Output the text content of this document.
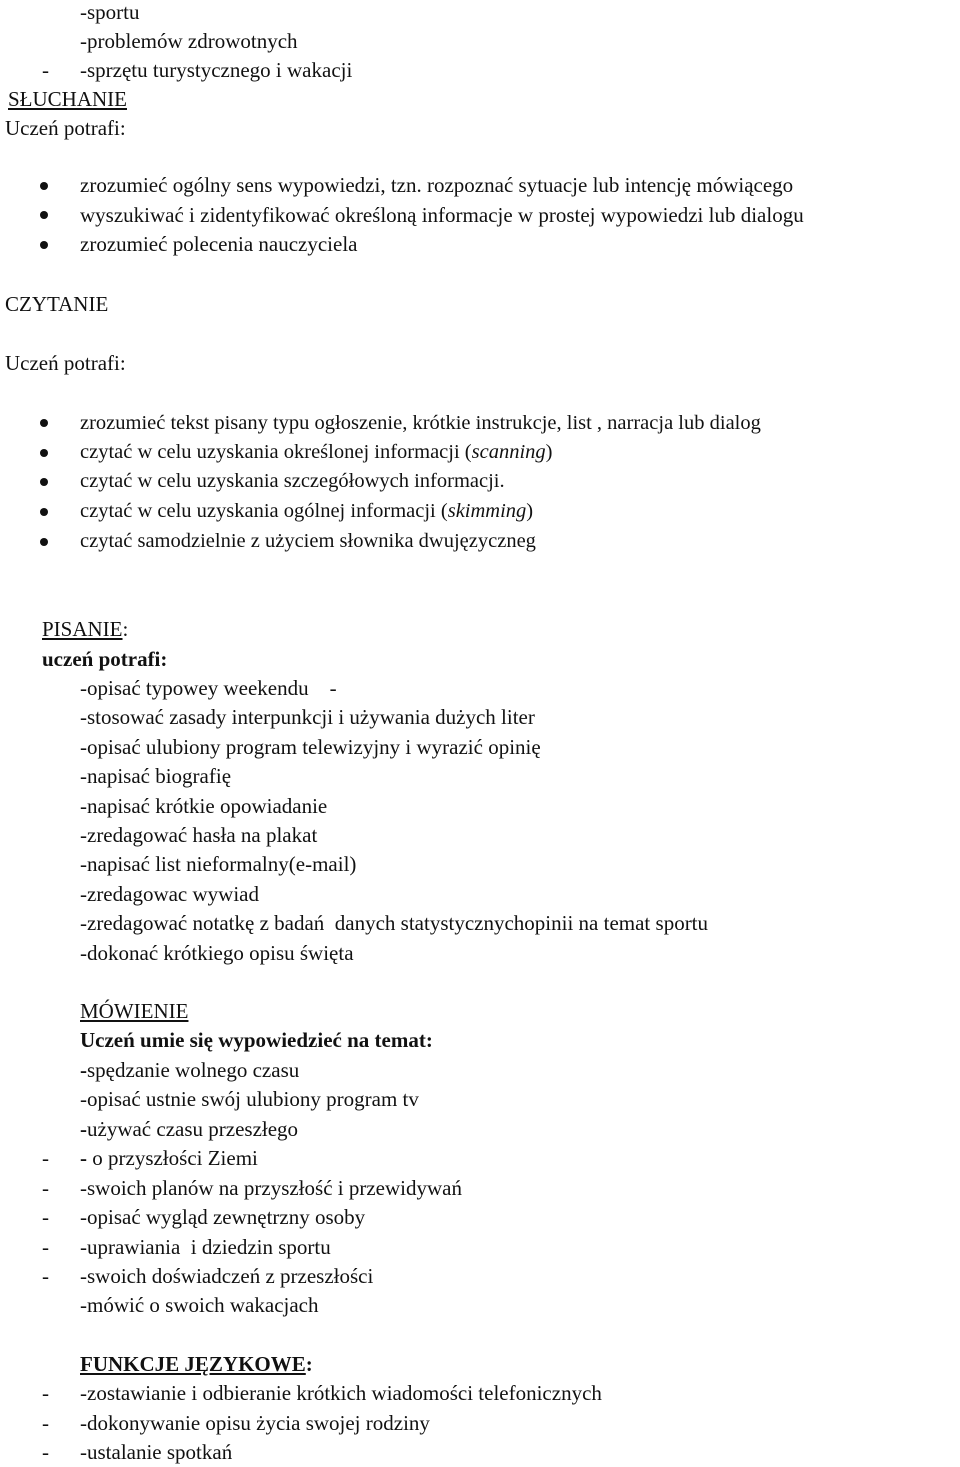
-sportu
-problemów zdrowotnych
- -sprzętu turystycznego i wakacji
SŁUCHANIE
Uczeń potrafi:
zrozumieć ogólny sens wypowiedzi, tzn. rozpoznać sytuacje lub intencję mówiącego
wyszukiwać i zidentyfikować określoną informacje w prostej wypowiedzi lub dialogu
zrozumieć polecenia nauczyciela
CZYTANIE
Uczeń potrafi:
zrozumieć tekst pisany typu ogłoszenie, krótkie instrukcje, list , narracja lub dialog
czytać w celu uzyskania określonej informacji (scanning)
czytać w celu uzyskania szczegółowych informacji.
czytać w celu uzyskania ogólnej informacji (skimming)
czytać samodzielnie z użyciem słownika dwujęzyczneg
PISANIE:
uczeń potrafi:
-opisać typowey weekendu    -
-stosować zasady interpunkcji i używania dużych liter
-opisać ulubiony program telewizyjny i wyrazić opinię
-napisać biografię
-napisać krótkie opowiadanie
-zredagować hasła na plakat
-napisać list nieformalny(e-mail)
-zredagowac wywiad
-zredagować notatkę z badań  danych statystycznychopinii na temat sportu
-dokonać krótkiego opisu święta
MÓWIENIE
Uczeń umie się wypowiedzieć na temat:
-spędzanie wolnego czasu
-opisać ustnie swój ulubiony program tv
-używać czasu przeszłego
- - o przyszłości Ziemi
- -swoich planów na przyszłość i przewidywań
- -opisać wygląd zewnętrzny osoby
- -uprawiania  i dziedzin sportu
- -swoich doświadczeń z przeszłości
-mówić o swoich wakacjach
FUNKCJE JĘZYKOWE:
- -zostawianie i odbieranie krótkich wiadomości telefonicznych
- -dokonywanie opisu życia swojej rodziny
- -ustalanie spotkań
